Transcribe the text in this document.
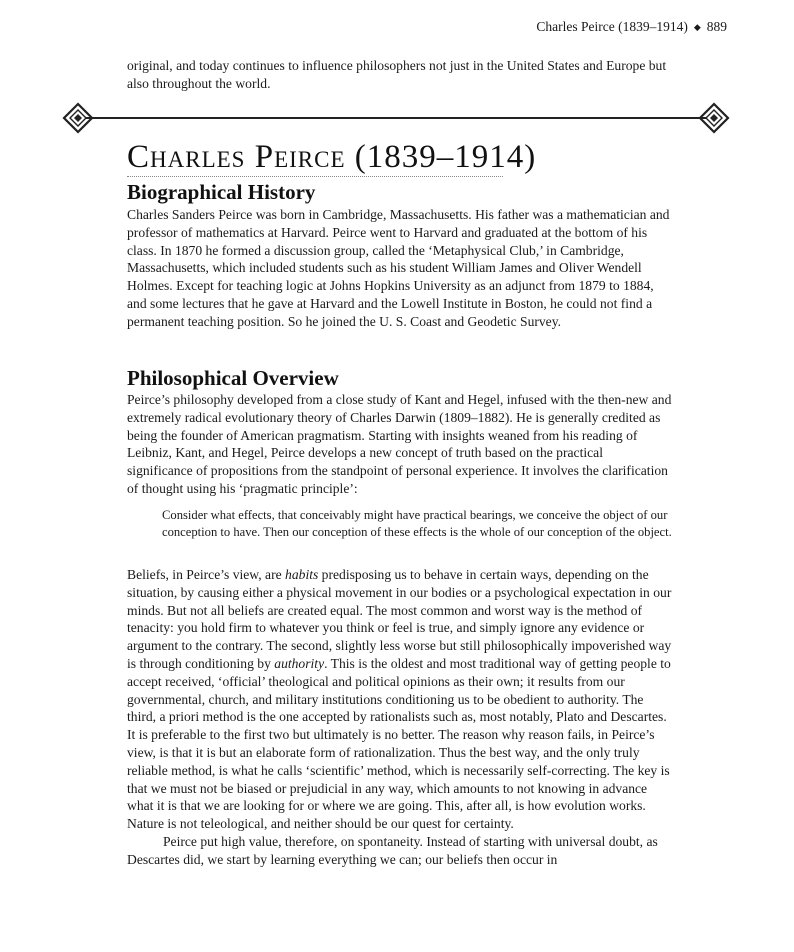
Charles Peirce (1839–1914) ◆ 889

original, and today continues to influence philosophers not just in the United States and Europe but also throughout the world.

Charles Peirce (1839–1914)
Biographical History

Charles Sanders Peirce was born in Cambridge, Massachusetts. His father was a mathematician and professor of mathematics at Harvard. Peirce went to Harvard and graduated at the bottom of his class. In 1870 he formed a discussion group, called the ‘Metaphysical Club,’ in Cambridge, Massachusetts, which included students such as his student William James and Oliver Wendell Holmes. Except for teaching logic at Johns Hopkins University as an adjunct from 1879 to 1884, and some lectures that he gave at Harvard and the Lowell Institute in Boston, he could not find a permanent teaching position. So he joined the U. S. Coast and Geodetic Survey.

Philosophical Overview

Peirce’s philosophy developed from a close study of Kant and Hegel, infused with the then-new and extremely radical evolutionary theory of Charles Darwin (1809–1882). He is generally credited as being the founder of American pragmatism. Starting with insights weaned from his reading of Leibniz, Kant, and Hegel, Peirce develops a new concept of truth based on the practical significance of propositions from the standpoint of personal experience. It involves the clarification of thought using his ‘pragmatic principle’:

Consider what effects, that conceivably might have practical bearings, we conceive the object of our conception to have. Then our conception of these effects is the whole of our conception of the object.

Beliefs, in Peirce’s view, are habits predisposing us to behave in certain ways, depending on the situation, by causing either a physical movement in our bodies or a psychological expectation in our minds. But not all beliefs are created equal. The most common and worst way is the method of tenacity: you hold firm to whatever you think or feel is true, and simply ignore any evidence or argument to the contrary. The second, slightly less worse but still philosophically impoverished way is through conditioning by authority. This is the oldest and most traditional way of getting people to accept received, ‘official’ theological and political opinions as their own; it results from our governmental, church, and military institutions conditioning us to be obedient to authority. The third, a priori method is the one accepted by rationalists such as, most notably, Plato and Descartes. It is preferable to the first two but ultimately is no better. The reason why reason fails, in Peirce’s view, is that it is but an elaborate form of rationalization. Thus the best way, and the only truly reliable method, is what he calls ‘scientific’ method, which is necessarily self-correcting. The key is that we must not be biased or prejudicial in any way, which amounts to not knowing in advance what it is that we are looking for or where we are going. This, after all, is how evolution works. Nature is not teleological, and neither should be our quest for certainty.

Peirce put high value, therefore, on spontaneity. Instead of starting with universal doubt, as Descartes did, we start by learning everything we can; our beliefs then occur in
